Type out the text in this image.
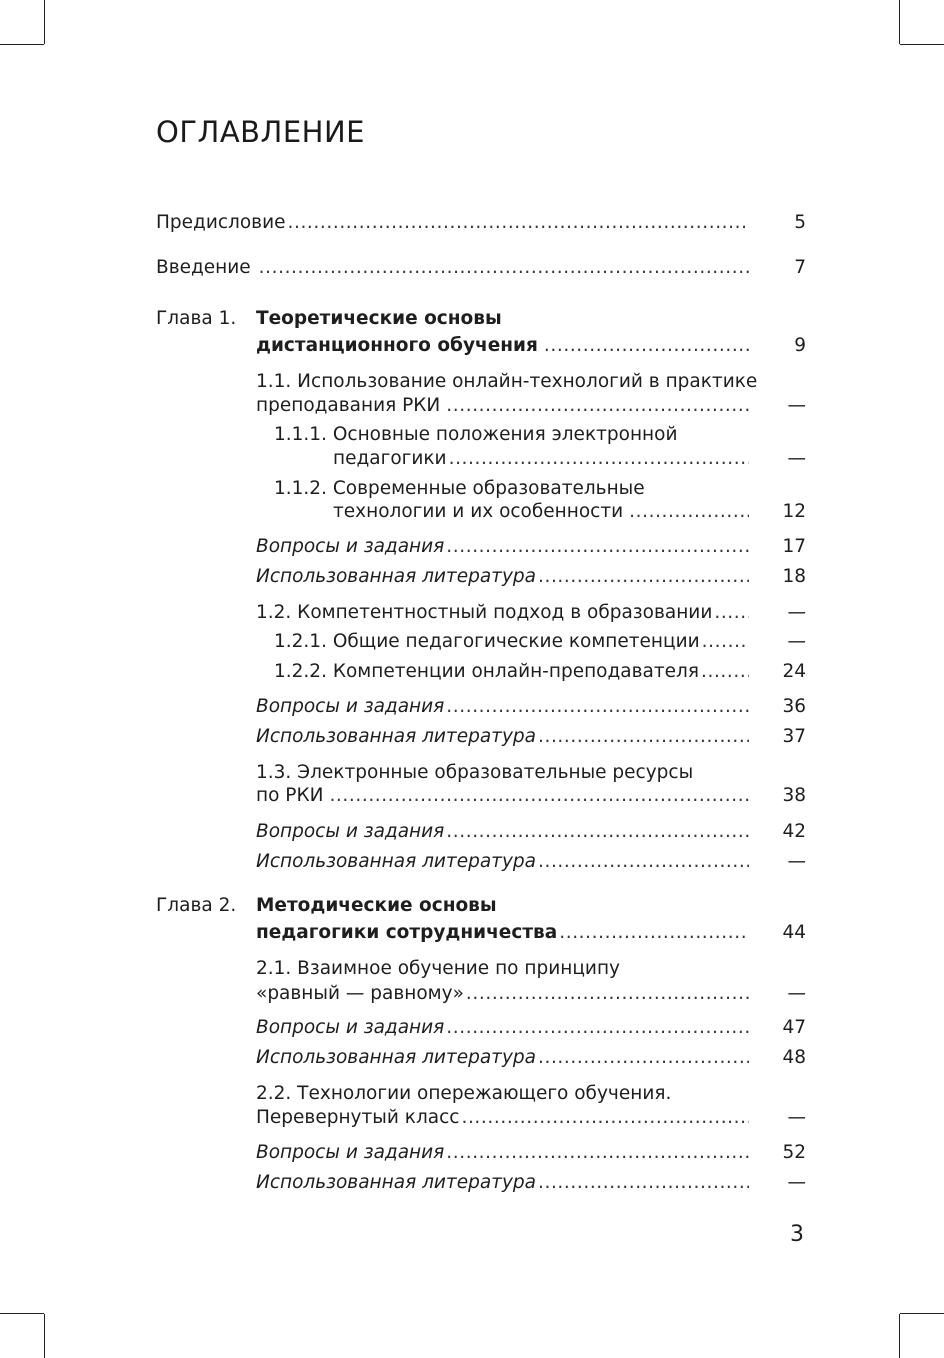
ОГЛАВЛЕНИЕ
Предисловие .....	5
Введение .....	7
Глава 1. Теоретические основы
дистанционного обучения .....	9
1.1. Использование онлайн-технологий в практике
преподавания РКИ .....	—
1.1.1. Основные положения электронной
педагогики .....	—
1.1.2. Современные образовательные
технологии и их особенности .....	12
Вопросы и задания .....	17
Использованная литература .....	18
1.2. Компетентностный подход в образовании .....	—
1.2.1. Общие педагогические компетенции .....	—
1.2.2. Компетенции онлайн-преподавателя .....	24
Вопросы и задания .....	36
Использованная литература .....	37
1.3. Электронные образовательные ресурсы
по РКИ .....	38
Вопросы и задания .....	42
Использованная литература .....	—
Глава 2. Методические основы
педагогики сотрудничества .....	44
2.1. Взаимное обучение по принципу
«равный — равному» .....	—
Вопросы и задания .....	47
Использованная литература .....	48
2.2. Технологии опережающего обучения.
Перевернутый класс .....	—
Вопросы и задания .....	52
Использованная литература .....	—
3
